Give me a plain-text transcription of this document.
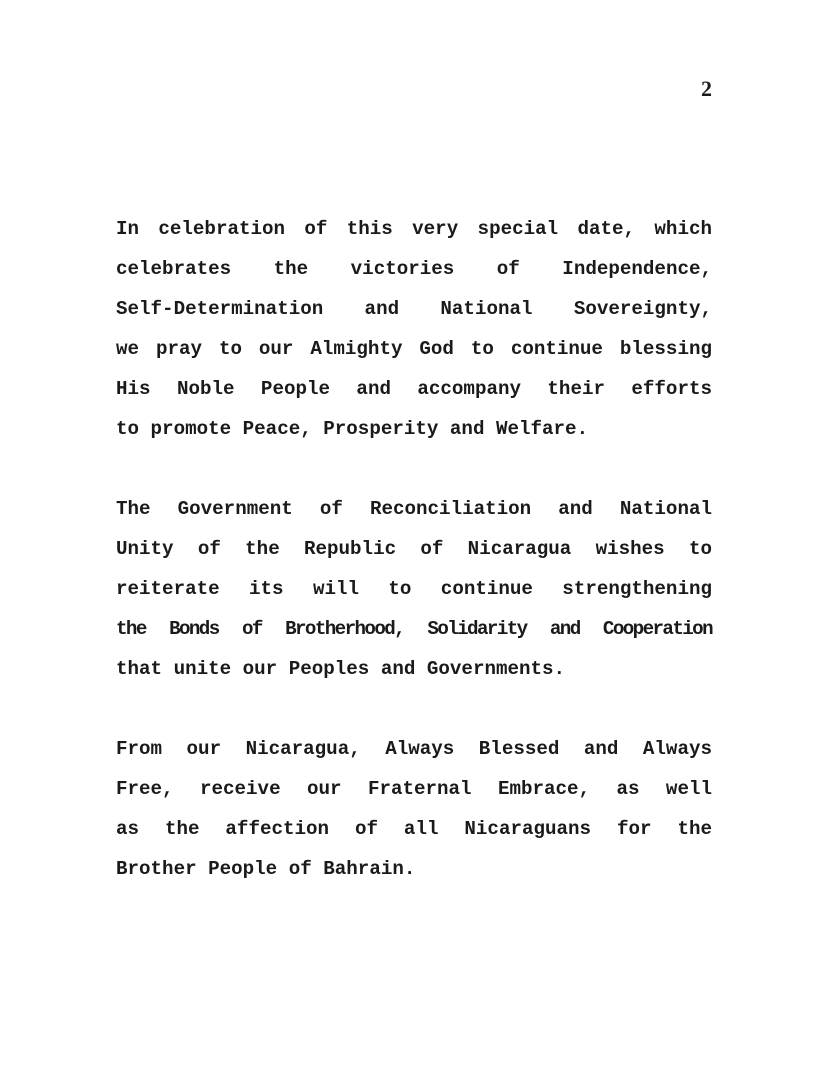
2
In celebration of this very special date, which
celebrates the victories of Independence,
Self-Determination and National Sovereignty,
we pray to our Almighty God to continue blessing
His Noble People and accompany their efforts
to promote Peace, Prosperity and Welfare.
The Government of Reconciliation and National
Unity of the Republic of Nicaragua wishes to
reiterate its will to continue strengthening
the Bonds of Brotherhood, Solidarity and Cooperation
that unite our Peoples and Governments.
From our Nicaragua, Always Blessed and Always
Free, receive our Fraternal Embrace, as well
as the affection of all Nicaraguans for the
Brother People of Bahrain.
